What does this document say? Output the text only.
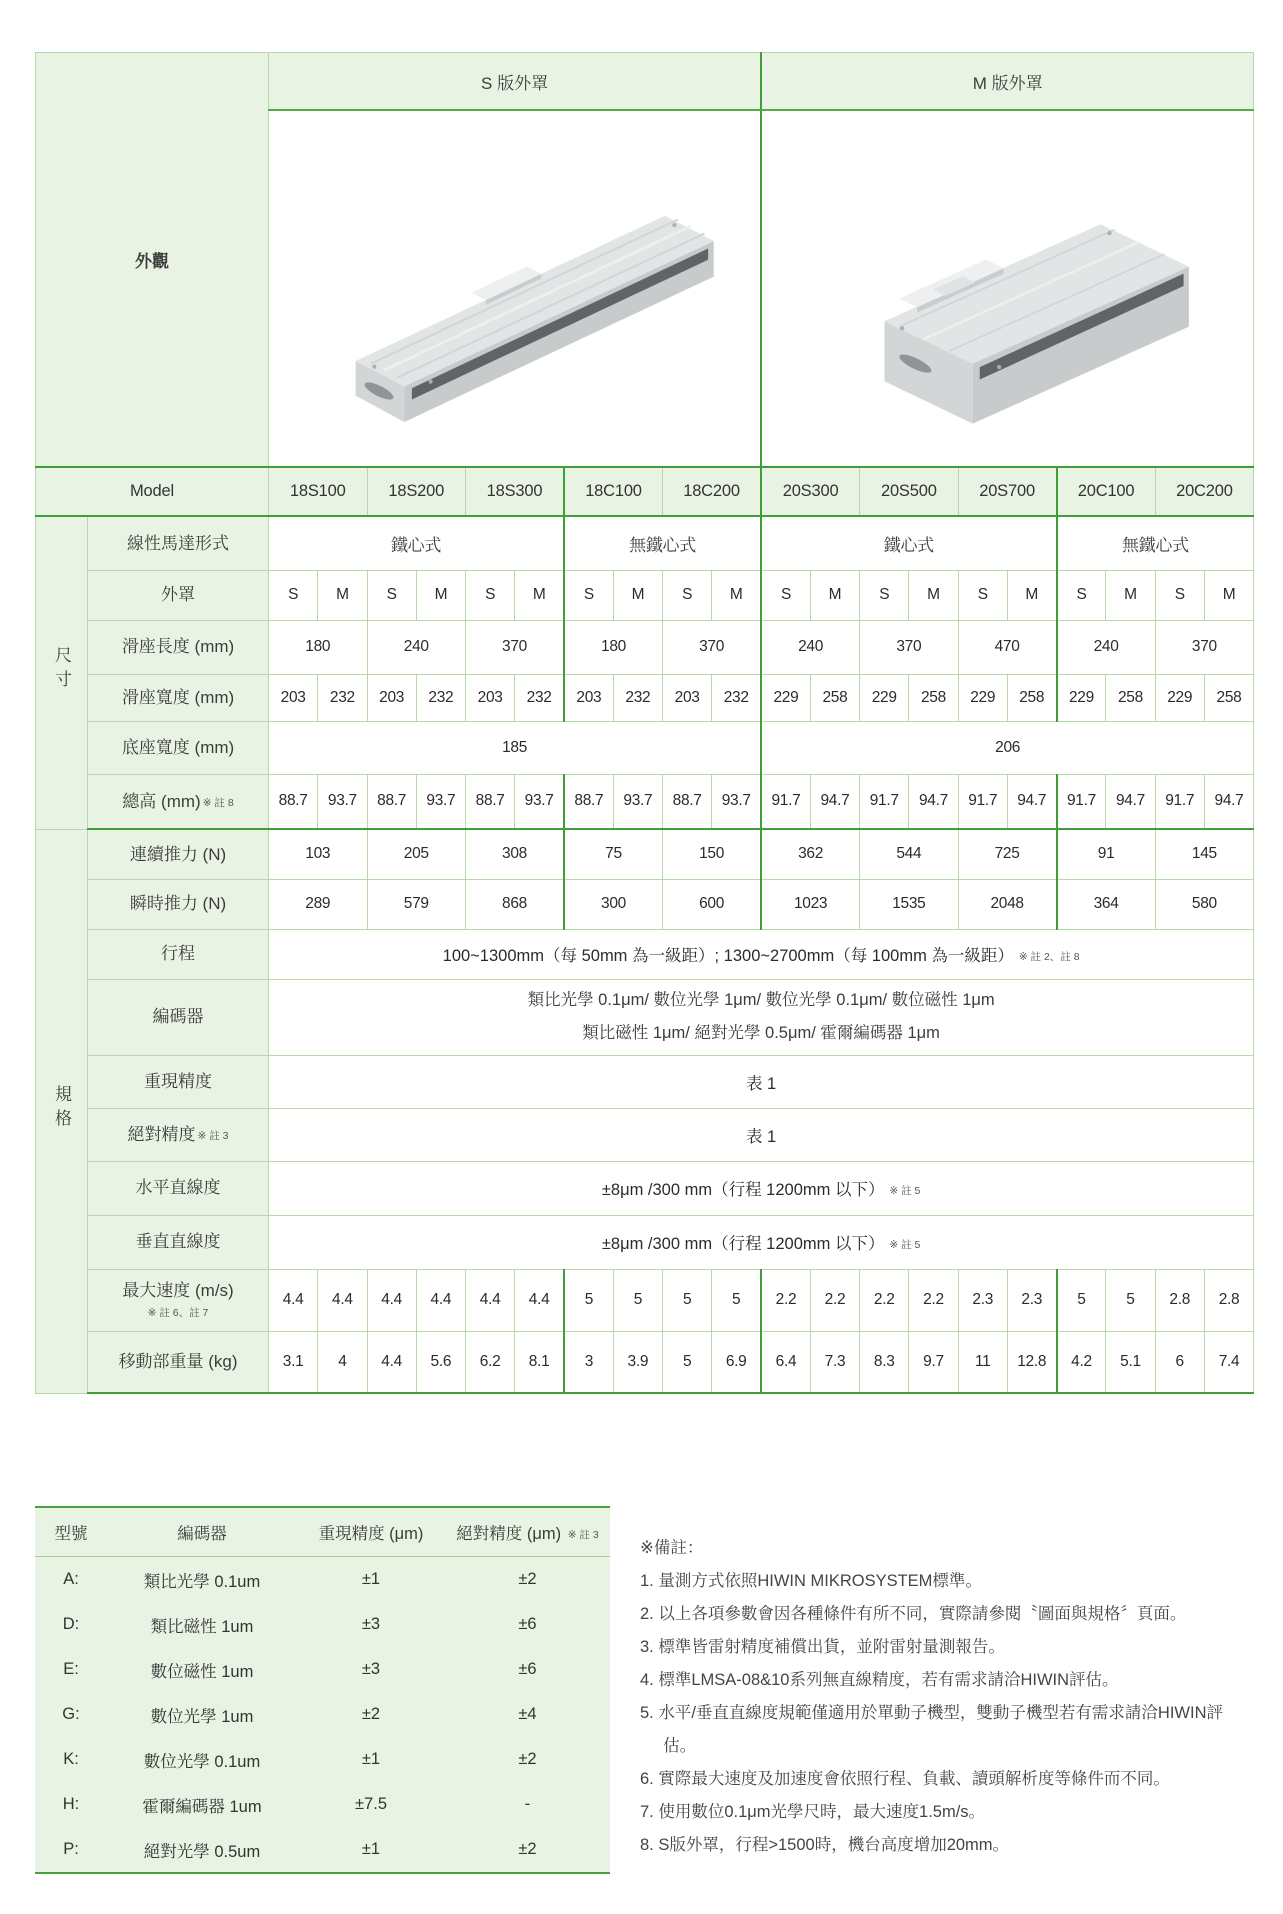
外觀		S 版外罩										M 版外罩									

Model		18S100		18S200		18S300		18C100		18C200		20S300		20S500		20S700		20C100		20C200	
尺寸	線性馬達形式	鐵心式						無鐵心式				鐵心式						無鐵心式			
	外罩	S	M	S	M	S	M	S	M	S	M	S	M	S	M	S	M	S	M	S	M
	滑座長度 (mm)	180		240		370		180		370		240		370		470		240		370	
	滑座寬度 (mm)	203	232	203	232	203	232	203	232	203	232	229	258	229	258	229	258	229	258	229	258
	底座寬度 (mm)	185										206									
	總高 (mm) ※ 註 8	88.7	93.7	88.7	93.7	88.7	93.7	88.7	93.7	88.7	93.7	91.7	94.7	91.7	94.7	91.7	94.7	91.7	94.7	91.7	94.7
規格	連續推力 (N)	103		205		308		75		150		362		544		725		91		145	
	瞬時推力 (N)	289		579		868		300		600		1023		1535		2048		364		580	
	行程	100~1300mm（每 50mm 為一級距）; 1300~2700mm（每 100mm 為一級距） ※ 註 2、註 8																			
	編碼器	類比光學 0.1μm/ 數位光學 1μm/ 數位光學 0.1μm/ 數位磁性 1μm
類比磁性 1μm/ 絕對光學 0.5μm/ 霍爾編碼器 1μm																			

	重現精度	表 1																			
	絕對精度 ※ 註 3	表 1																			
	水平直線度	±8μm /300 mm（行程 1200mm 以下） ※ 註 5																			
	垂直直線度	±8μm /300 mm（行程 1200mm 以下） ※ 註 5																			

	最大速度 (m/s)
※ 註 6、註 7	4.4	4.4	4.4	4.4	4.4	4.4	5	5	5	5	2.2	2.2	2.2	2.2	2.3	2.3	5	5	2.8	2.8
	移動部重量 (kg)	3.1	4	4.4	5.6	6.2	8.1	3	3.9	5	6.9	6.4	7.3	8.3	9.7	11	12.8	4.2	5.1	6	7.4
型號	編碼器	重現精度 (μm)	絕對精度 (μm) ※ 註 3
A:	類比光學 0.1um	±1	±2
D:	類比磁性 1um	±3	±6
E:	數位磁性 1um	±3	±6
G:	數位光學 1um	±2	±4
K:	數位光學 0.1um	±1	±2
H:	霍爾編碼器 1um	±7.5	-
P:	絕對光學 0.5um	±1	±2
※備註：
1. 量測方式依照HIWIN MIKROSYSTEM標準。
2. 以上各項參數會因各種條件有所不同，實際請參閱〝圖面與規格〞頁面。
3. 標準皆雷射精度補償出貨，並附雷射量測報告。
4. 標準LMSA-08&10系列無直線精度，若有需求請洽HIWIN評估。
5. 水平/垂直直線度規範僅適用於單動子機型，雙動子機型若有需求請洽HIWIN評估。
6. 實際最大速度及加速度會依照行程、負載、讀頭解析度等條件而不同。
7. 使用數位0.1μm光學尺時，最大速度1.5m/s。
8. S版外罩，行程>1500時，機台高度增加20mm。
